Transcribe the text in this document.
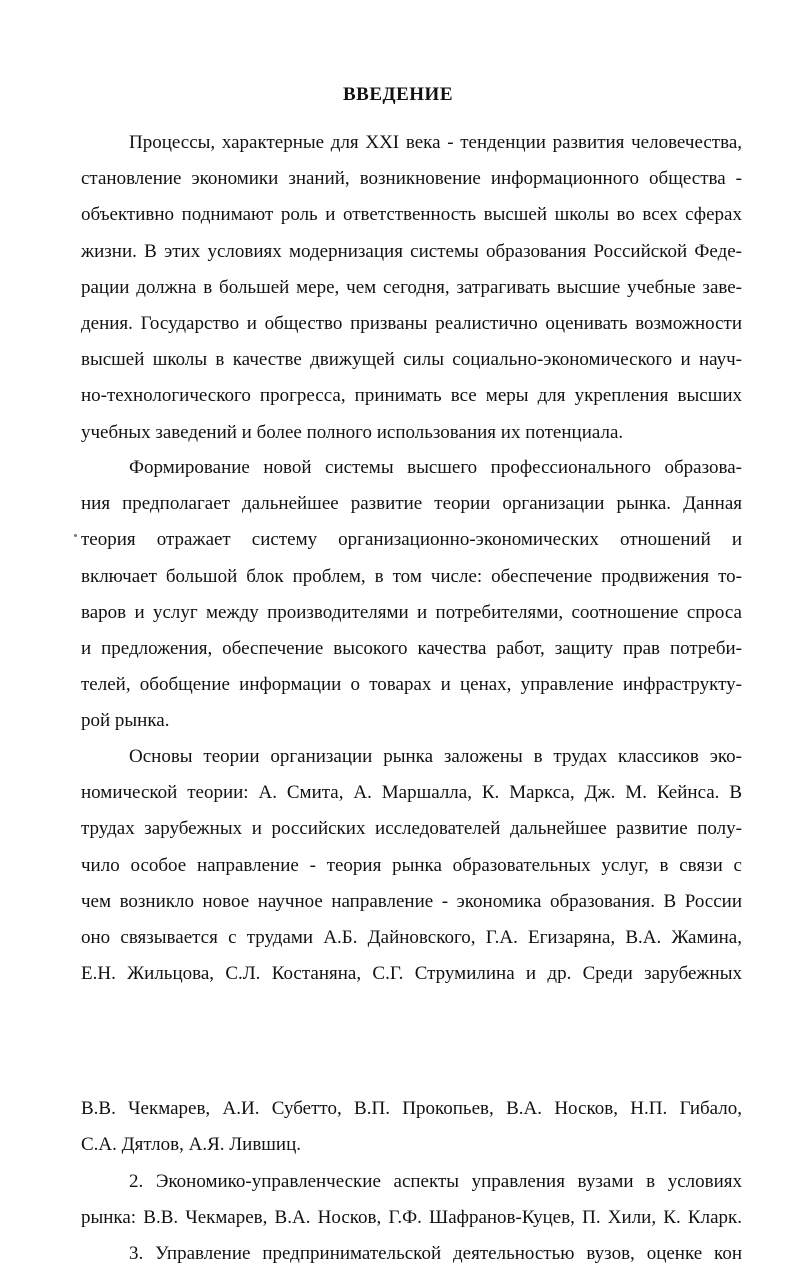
ВВЕДЕНИЕ
Процессы, характерные для XXI века - тенденции развития человечества,
становление экономики знаний, возникновение информационного общества -
объективно поднимают роль и ответственность высшей школы во всех сферах
жизни. В этих условиях модернизация системы образования Российской Феде-
рации должна в большей мере, чем сегодня, затрагивать высшие учебные заве-
дения. Государство и общество призваны реалистично оценивать возможности
высшей школы в качестве движущей силы социально-экономического и науч-
но-технологического прогресса, принимать все меры для укрепления высших
учебных заведений и более полного использования их потенциала.
Формирование новой системы высшего профессионального образова-
ния предполагает дальнейшее развитие теории организации рынка. Данная
теория отражает систему организационно-экономических отношений и
включает большой блок проблем, в том числе: обеспечение продвижения то-
варов и услуг между производителями и потребителями, соотношение спроса
и предложения, обеспечение высокого качества работ, защиту прав потреби-
телей, обобщение информации о товарах и ценах, управление инфраструкту-
рой рынка.
Основы теории организации рынка заложены в трудах классиков эко-
номической теории: А. Смита, А. Маршалла, К. Маркса, Дж. М. Кейнса. В
трудах зарубежных и российских исследователей дальнейшее развитие полу-
чило особое направление - теория рынка образовательных услуг, в связи с
чем возникло новое научное направление - экономика образования. В России
оно связывается с трудами А.Б. Дайновского, Г.А. Егизаряна, В.А. Жамина,
Е.Н. Жильцова, С.Л. Костаняна, С.Г. Струмилина и др. Среди зарубежных
В.В. Чекмарев, А.И. Субетто, В.П. Прокопьев, В.А. Носков, Н.П. Гибало,
С.А. Дятлов, А.Я. Лившиц.
2. Экономико-управленческие аспекты управления вузами в условиях
рынка: В.В. Чекмарев, В.А. Носков, Г.Ф. Шафранов-Куцев, П. Хили, К. Кларк.
3. Управление предпринимательской деятельностью вузов, оценке кон
